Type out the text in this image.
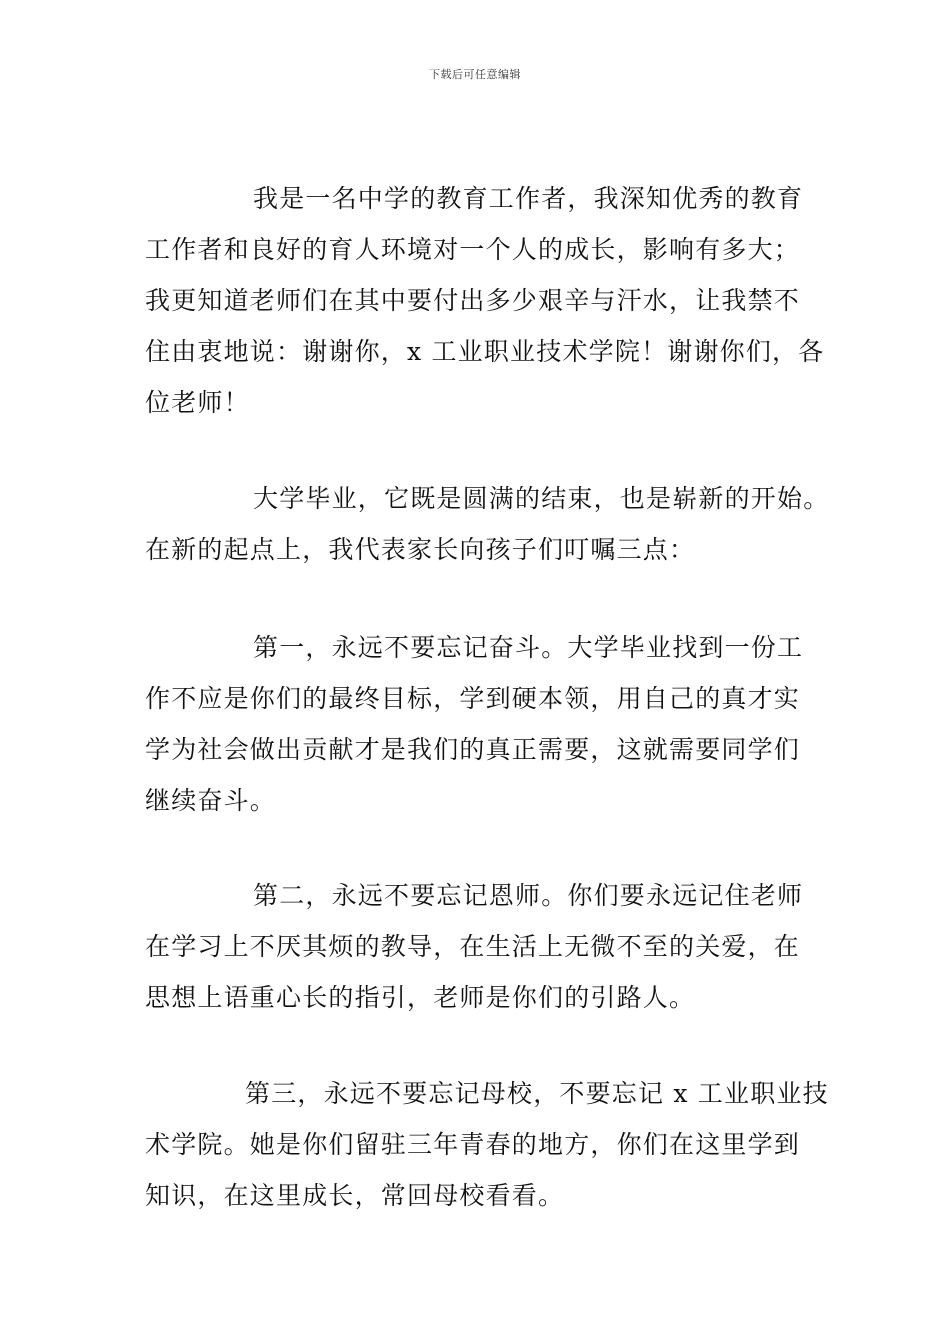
下载后可任意编辑
我是一名中学的教育工作者，我深知优秀的教育
工作者和良好的育人环境对一个人的成长，影响有多大；
我更知道老师们在其中要付出多少艰辛与汗水，让我禁不
住由衷地说：谢谢你，x 工业职业技术学院！谢谢你们，各
位老师！
大学毕业，它既是圆满的结束，也是崭新的开始。
在新的起点上，我代表家长向孩子们叮嘱三点：
第一，永远不要忘记奋斗。大学毕业找到一份工
作不应是你们的最终目标，学到硬本领，用自己的真才实
学为社会做出贡献才是我们的真正需要，这就需要同学们
继续奋斗。
第二，永远不要忘记恩师。你们要永远记住老师
在学习上不厌其烦的教导，在生活上无微不至的关爱，在
思想上语重心长的指引，老师是你们的引路人。
第三，永远不要忘记母校，不要忘记 x 工业职业技
术学院。她是你们留驻三年青春的地方，你们在这里学到
知识，在这里成长，常回母校看看。
